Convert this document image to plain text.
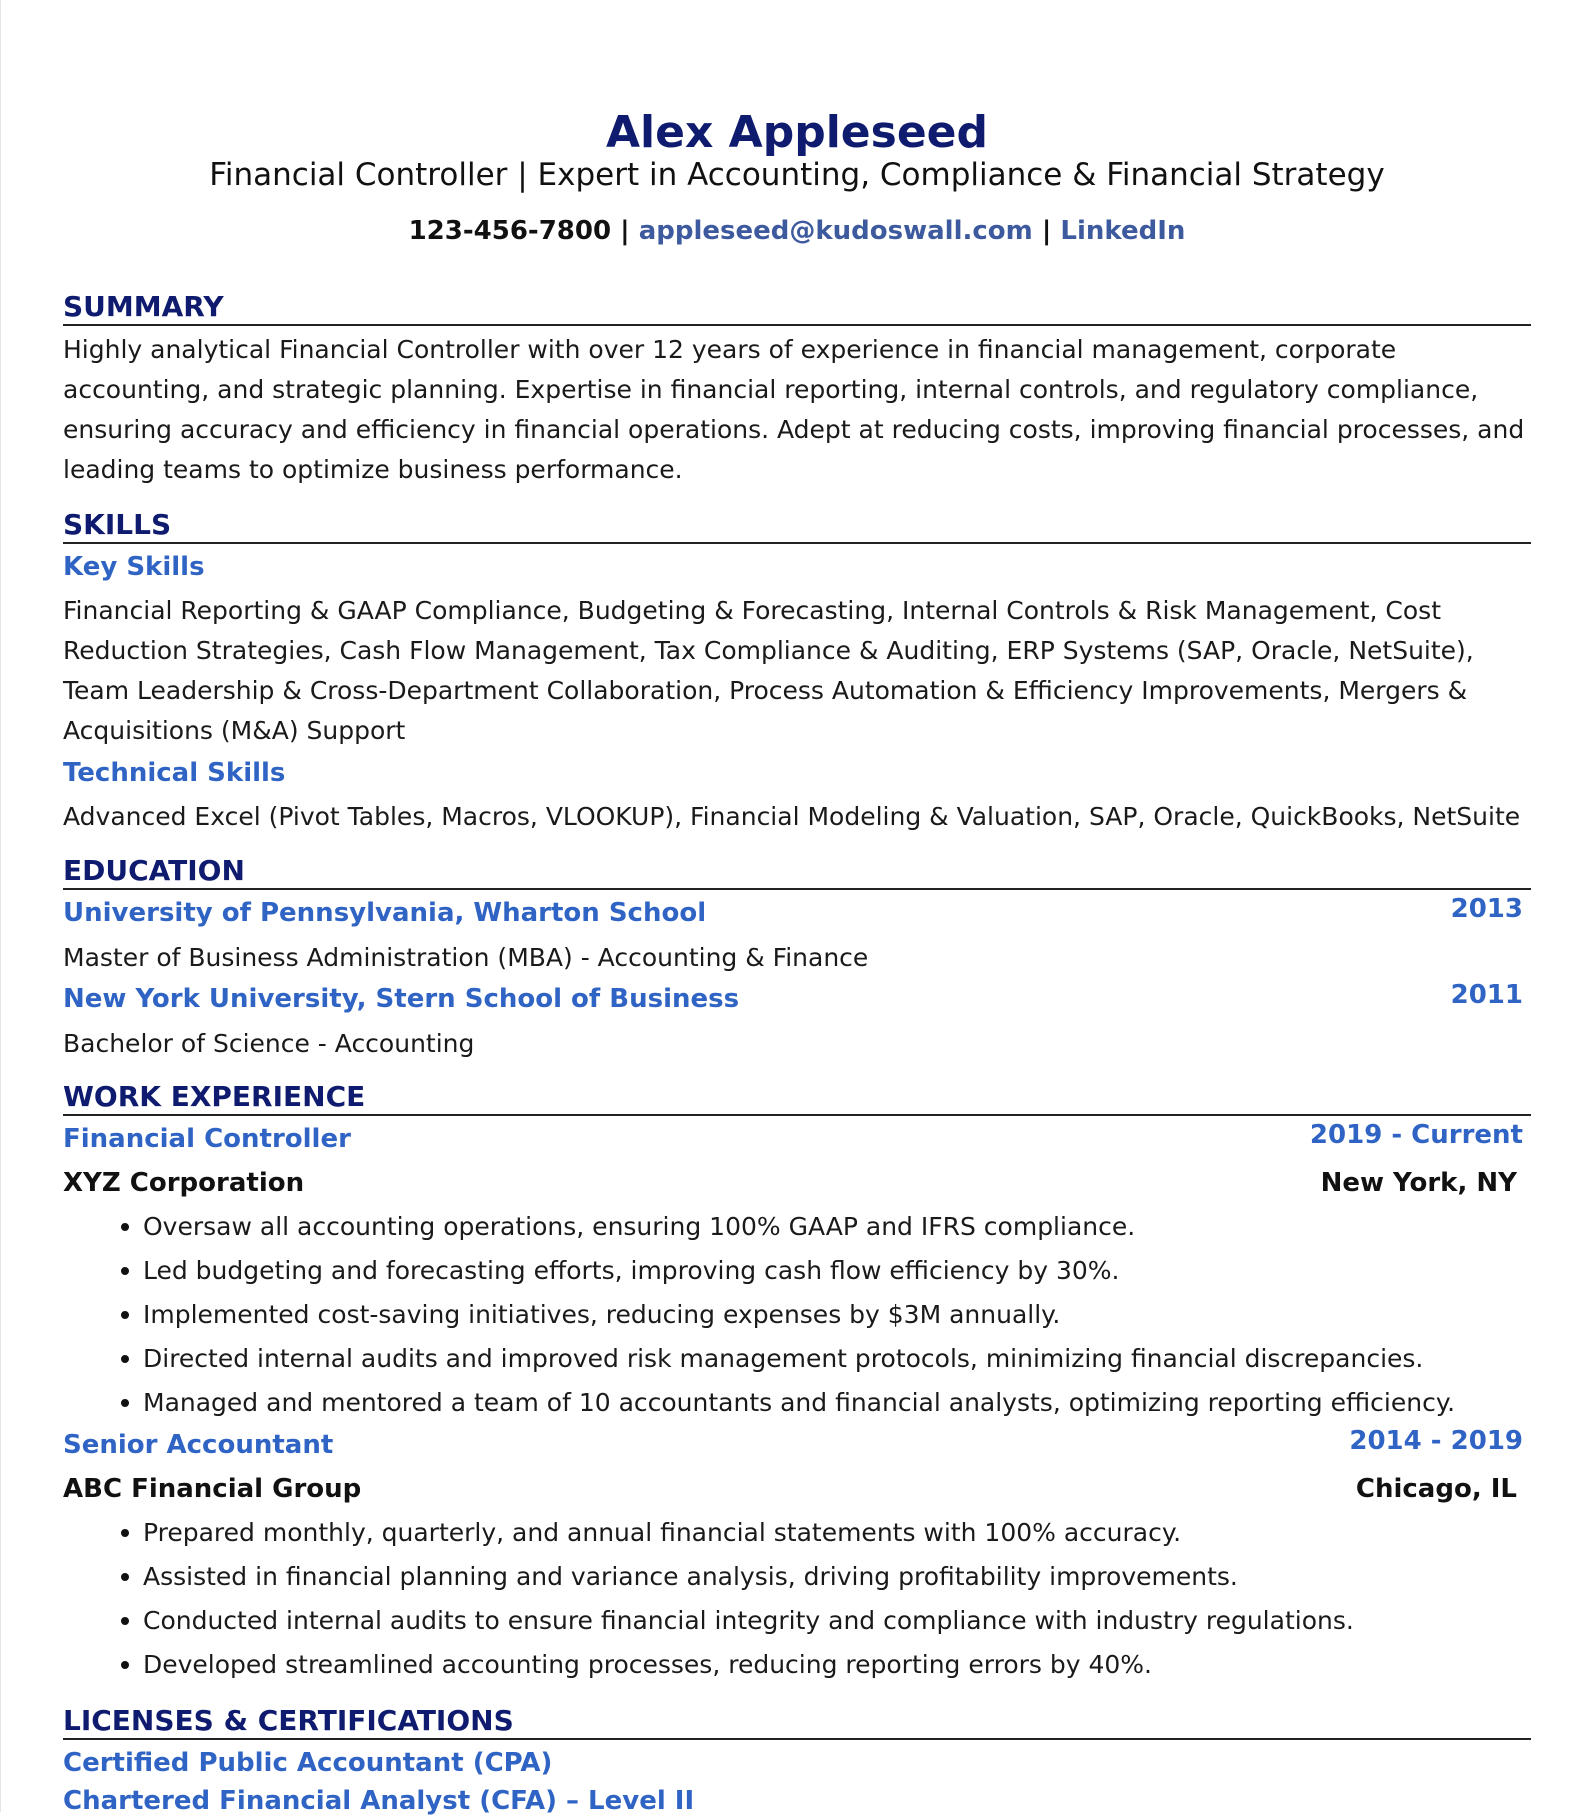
Alex Appleseed
Financial Controller | Expert in Accounting, Compliance & Financial Strategy
123-456-7800 | appleseed@kudoswall.com | LinkedIn
SUMMARY
Highly analytical Financial Controller with over 12 years of experience in financial management, corporate accounting, and strategic planning. Expertise in financial reporting, internal controls, and regulatory compliance, ensuring accuracy and efficiency in financial operations. Adept at reducing costs, improving financial processes, and leading teams to optimize business performance.
SKILLS
Key Skills
Financial Reporting & GAAP Compliance, Budgeting & Forecasting, Internal Controls & Risk Management, Cost Reduction Strategies, Cash Flow Management, Tax Compliance & Auditing, ERP Systems (SAP, Oracle, NetSuite), Team Leadership & Cross-Department Collaboration, Process Automation & Efficiency Improvements, Mergers & Acquisitions (M&A) Support
Technical Skills
Advanced Excel (Pivot Tables, Macros, VLOOKUP), Financial Modeling & Valuation, SAP, Oracle, QuickBooks, NetSuite
EDUCATION
University of Pennsylvania, Wharton School	2013
Master of Business Administration (MBA) - Accounting & Finance
New York University, Stern School of Business	2011
Bachelor of Science - Accounting
WORK EXPERIENCE
Financial Controller	2019 - Current
XYZ Corporation	New York, NY
Oversaw all accounting operations, ensuring 100% GAAP and IFRS compliance.
Led budgeting and forecasting efforts, improving cash flow efficiency by 30%.
Implemented cost-saving initiatives, reducing expenses by $3M annually.
Directed internal audits and improved risk management protocols, minimizing financial discrepancies.
Managed and mentored a team of 10 accountants and financial analysts, optimizing reporting efficiency.
Senior Accountant	2014 - 2019
ABC Financial Group	Chicago, IL
Prepared monthly, quarterly, and annual financial statements with 100% accuracy.
Assisted in financial planning and variance analysis, driving profitability improvements.
Conducted internal audits to ensure financial integrity and compliance with industry regulations.
Developed streamlined accounting processes, reducing reporting errors by 40%.
LICENSES & CERTIFICATIONS
Certified Public Accountant (CPA)
Chartered Financial Analyst (CFA) – Level II
